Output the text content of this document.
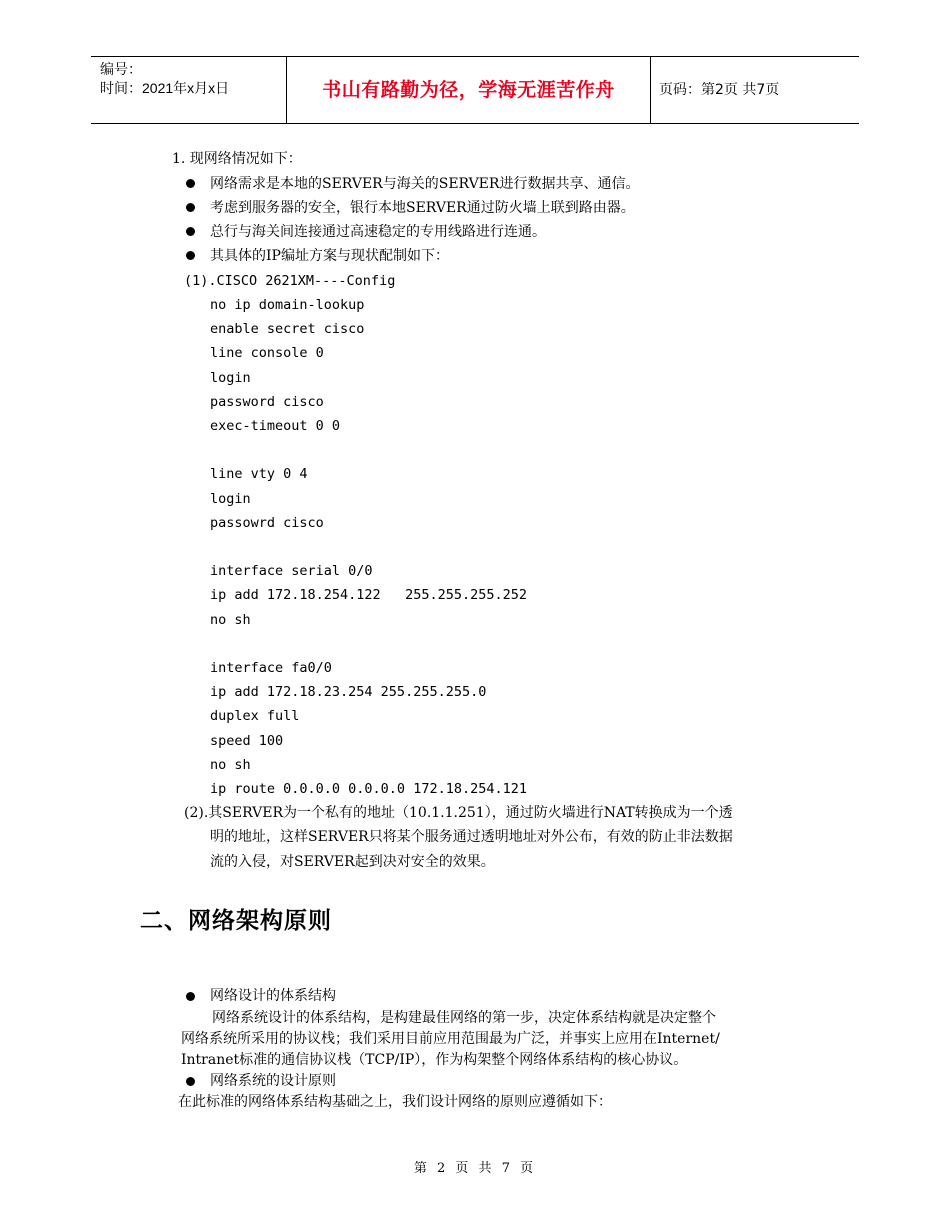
编号：
时间：2021年x月x日	书山有路勤为径，学海无涯苦作舟	页码：第2页 共7页
1. 现网络情况如下：
网络需求是本地的SERVER与海关的SERVER进行数据共享、通信。
考虑到服务器的安全，银行本地SERVER通过防火墙上联到路由器。
总行与海关间连接通过高速稳定的专用线路进行连通。
其具体的IP编址方案与现状配制如下：
(1).CISCO 2621XM----Config
no ip domain-lookup
enable secret cisco
line console 0
login
password cisco
exec-timeout 0 0
line vty 0 4
login
passowrd cisco
interface serial 0/0
ip add 172.18.254.122   255.255.255.252
no sh
interface fa0/0
ip add 172.18.23.254 255.255.255.0
duplex full
speed 100
no sh
ip route 0.0.0.0 0.0.0.0 172.18.254.121
(2).其SERVER为一个私有的地址（10.1.1.251），通过防火墙进行NAT转换成为一个透
明的地址，这样SERVER只将某个服务通过透明地址对外公布，有效的防止非法数据
流的入侵，对SERVER起到决对安全的效果。
二、网络架构原则
网络设计的体系结构
网络系统设计的体系结构，是构建最佳网络的第一步，决定体系结构就是决定整个
网络系统所采用的协议栈；我们采用目前应用范围最为广泛，并事实上应用在Internet/
Intranet标准的通信协议栈（TCP/IP），作为构架整个网络体系结构的核心协议。
网络系统的设计原则
在此标准的网络体系结构基础之上，我们设计网络的原则应遵循如下：
第 2 页 共 7 页
